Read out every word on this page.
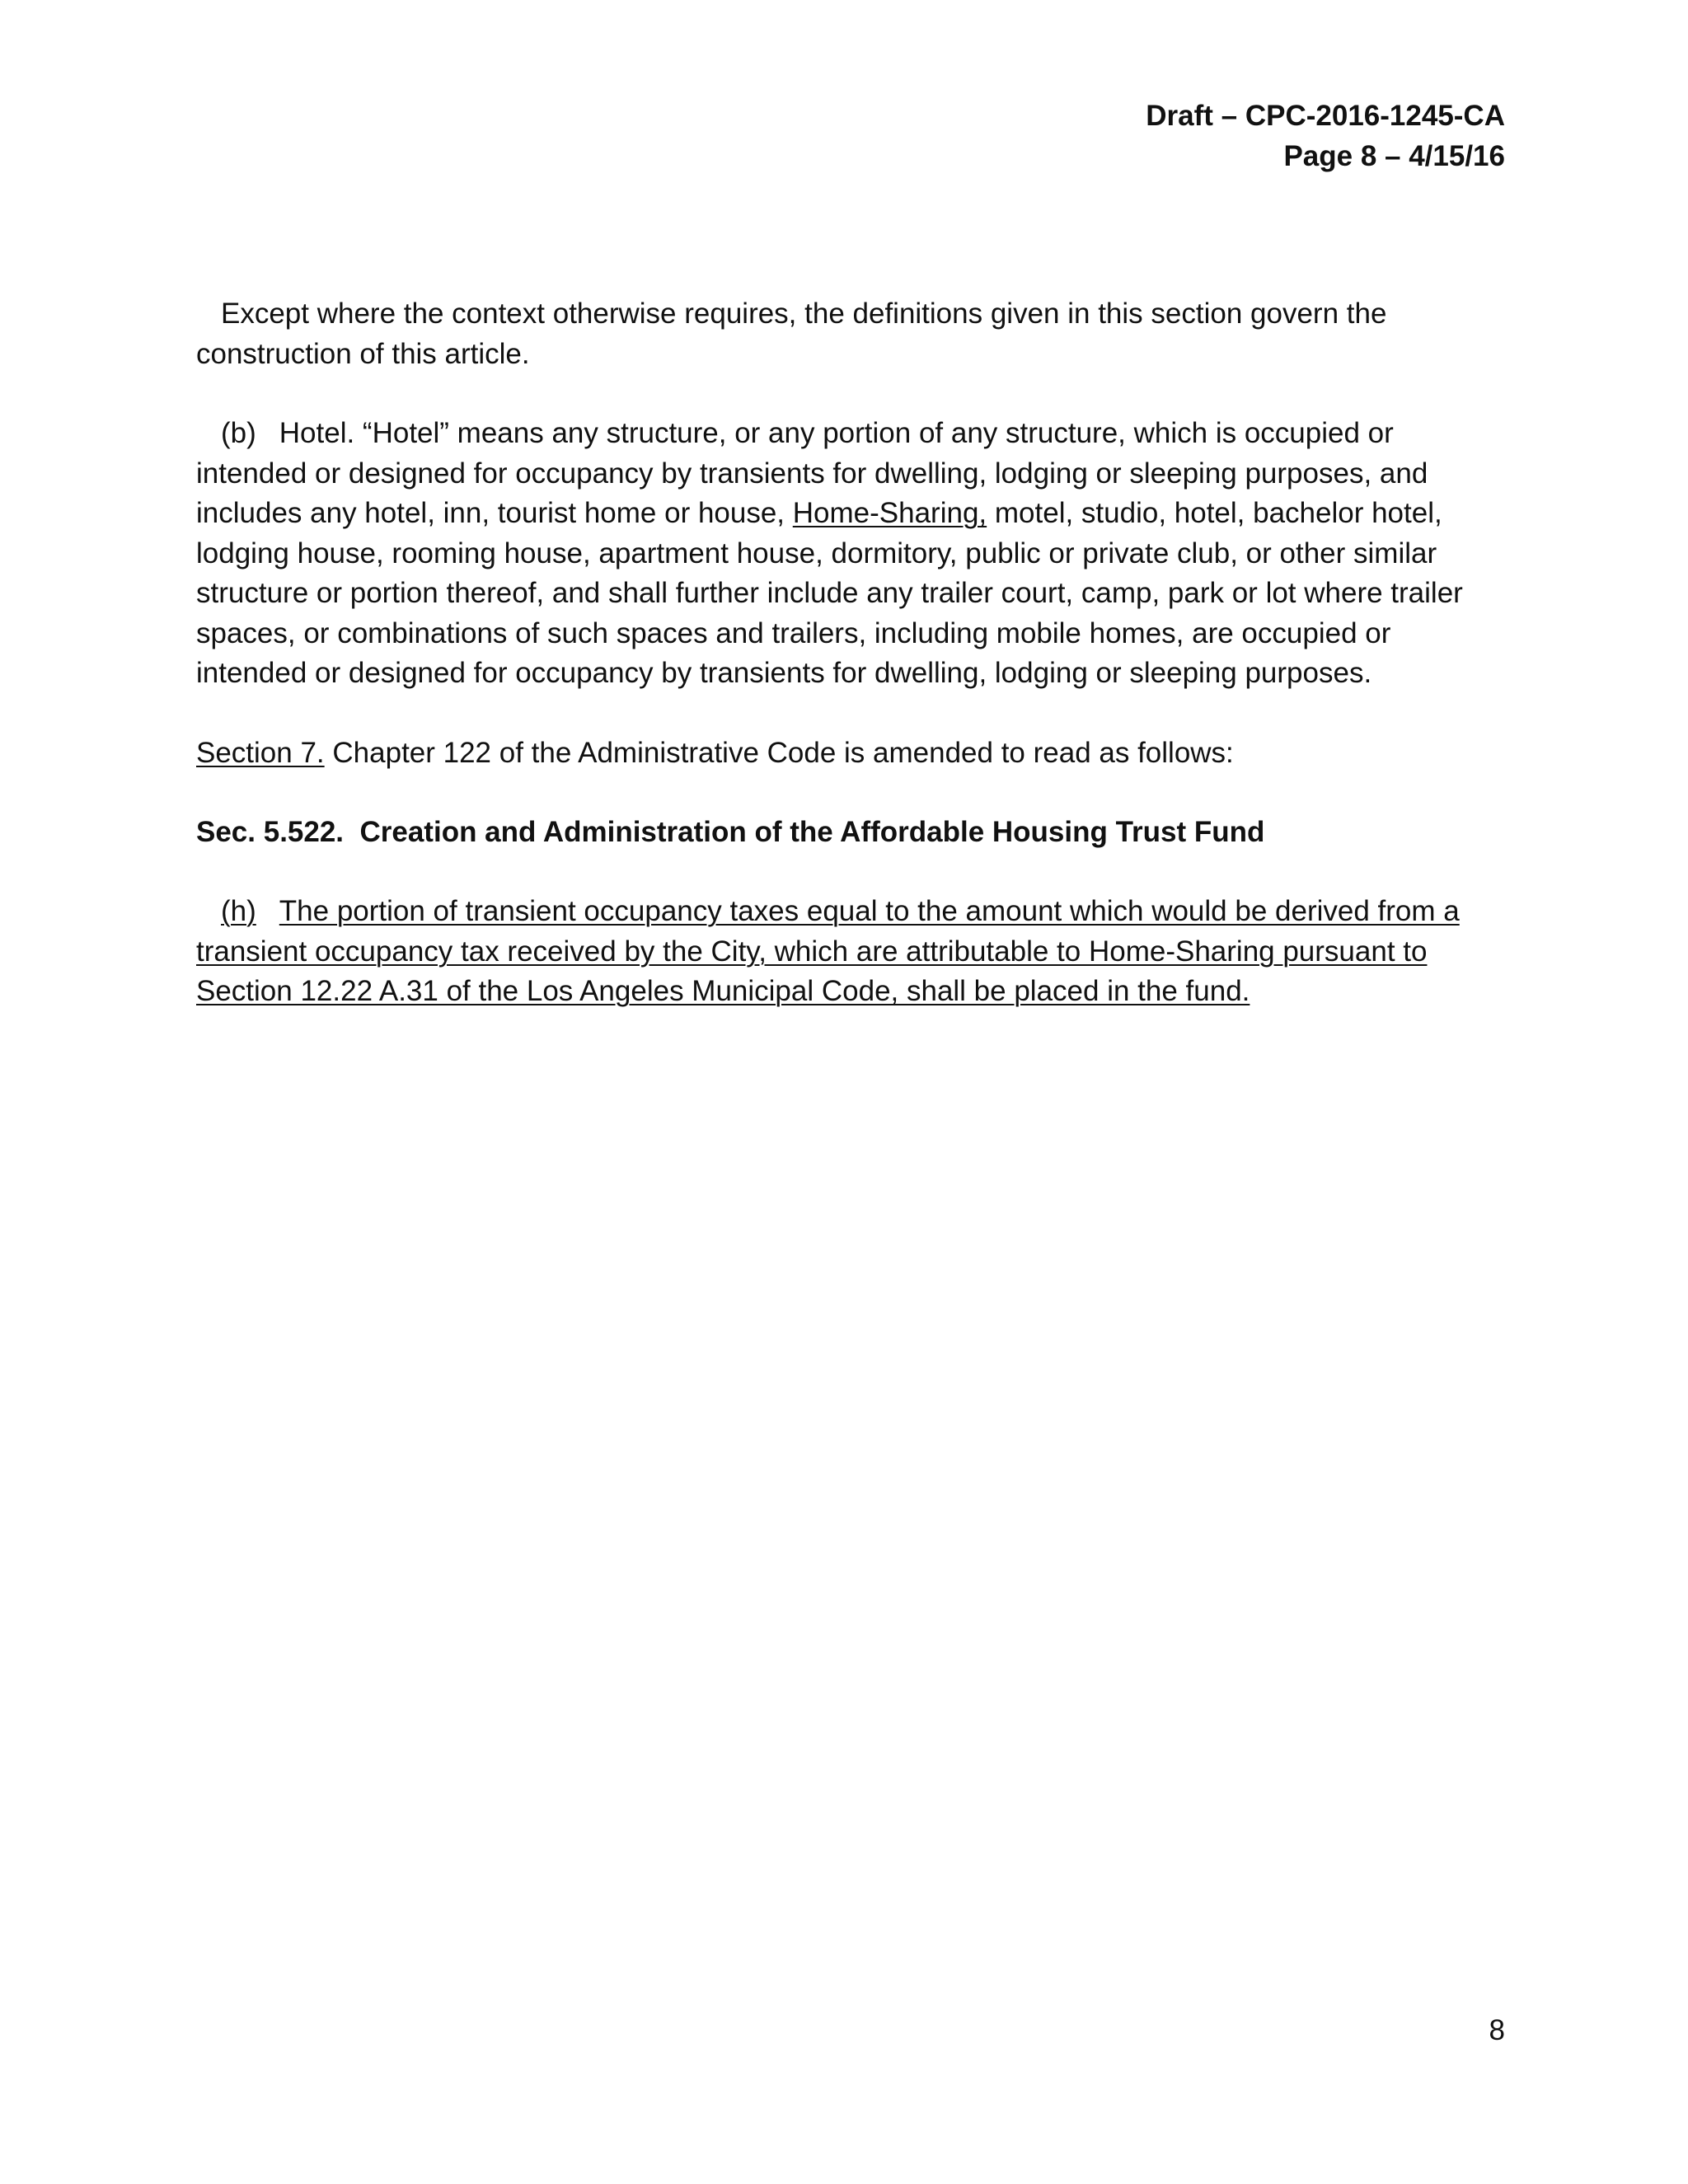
Draft – CPC-2016-1245-CA
Page 8 – 4/15/16

Except where the context otherwise requires, the definitions given in this section govern the construction of this article.

(b) Hotel. “Hotel” means any structure, or any portion of any structure, which is occupied or intended or designed for occupancy by transients for dwelling, lodging or sleeping purposes, and includes any hotel, inn, tourist home or house, Home-Sharing, motel, studio, hotel, bachelor hotel, lodging house, rooming house, apartment house, dormitory, public or private club, or other similar structure or portion thereof, and shall further include any trailer court, camp, park or lot where trailer spaces, or combinations of such spaces and trailers, including mobile homes, are occupied or intended or designed for occupancy by transients for dwelling, lodging or sleeping purposes.

Section 7. Chapter 122 of the Administrative Code is amended to read as follows:

Sec. 5.522.  Creation and Administration of the Affordable Housing Trust Fund

(h) The portion of transient occupancy taxes equal to the amount which would be derived from a transient occupancy tax received by the City, which are attributable to Home-Sharing pursuant to Section 12.22 A.31 of the Los Angeles Municipal Code, shall be placed in the fund.

8
